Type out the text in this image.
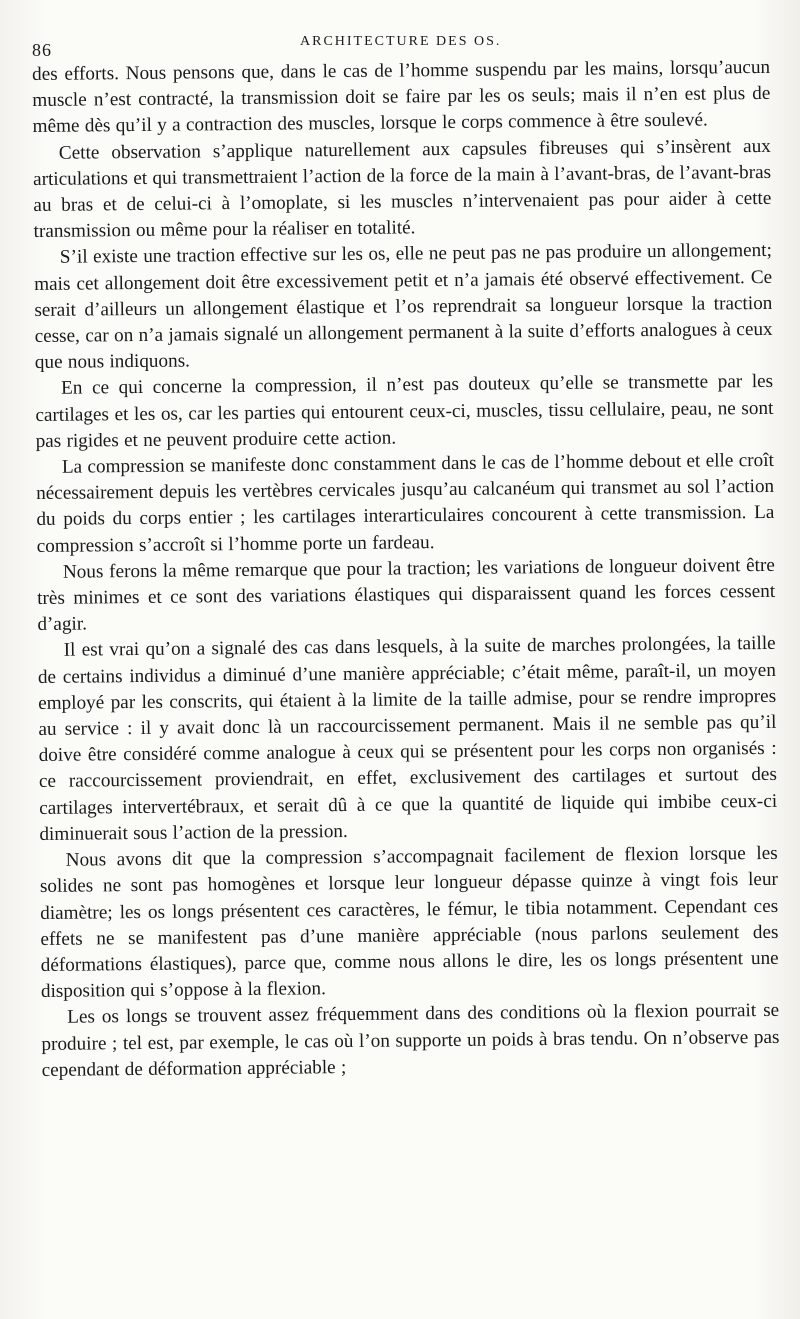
86	ARCHITECTURE DES OS.

des efforts. Nous pensons que, dans le cas de l’homme suspendu par les mains, lorsqu’aucun muscle n’est contracté, la transmission doit se faire par les os seuls; mais il n’en est plus de même dès qu’il y a contraction des muscles, lorsque le corps commence à être soulevé.

Cette observation s’applique naturellement aux capsules fibreuses qui s’insèrent aux articulations et qui transmettraient l’action de la force de la main à l’avant-bras, de l’avant-bras au bras et de celui-ci à l’omoplate, si les muscles n’intervenaient pas pour aider à cette transmission ou même pour la réaliser en totalité.

S’il existe une traction effective sur les os, elle ne peut pas ne pas produire un allongement; mais cet allongement doit être excessivement petit et n’a jamais été observé effectivement. Ce serait d’ailleurs un allongement élastique et l’os reprendrait sa longueur lorsque la traction cesse, car on n’a jamais signalé un allongement permanent à la suite d’efforts analogues à ceux que nous indiquons.

En ce qui concerne la compression, il n’est pas douteux qu’elle se transmette par les cartilages et les os, car les parties qui entourent ceux-ci, muscles, tissu cellulaire, peau, ne sont pas rigides et ne peuvent produire cette action.

La compression se manifeste donc constamment dans le cas de l’homme debout et elle croît nécessairement depuis les vertèbres cervicales jusqu’au calcanéum qui transmet au sol l’action du poids du corps entier ; les cartilages interarticulaires concourent à cette transmission. La compression s’accroît si l’homme porte un fardeau.

Nous ferons la même remarque que pour la traction; les variations de longueur doivent être très minimes et ce sont des variations élastiques qui disparaissent quand les forces cessent d’agir.

Il est vrai qu’on a signalé des cas dans lesquels, à la suite de marches prolongées, la taille de certains individus a diminué d’une manière appréciable; c’était même, paraît-il, un moyen employé par les conscrits, qui étaient à la limite de la taille admise, pour se rendre impropres au service : il y avait donc là un raccourcissement permanent. Mais il ne semble pas qu’il doive être considéré comme analogue à ceux qui se présentent pour les corps non organisés : ce raccourcissement proviendrait, en effet, exclusivement des cartilages et surtout des cartilages intervertébraux, et serait dû à ce que la quantité de liquide qui imbibe ceux-ci diminuerait sous l’action de la pression.

Nous avons dit que la compression s’accompagnait facilement de flexion lorsque les solides ne sont pas homogènes et lorsque leur longueur dépasse quinze à vingt fois leur diamètre; les os longs présentent ces caractères, le fémur, le tibia notamment. Cependant ces effets ne se manifestent pas d’une manière appréciable (nous parlons seulement des déformations élastiques), parce que, comme nous allons le dire, les os longs présentent une disposition qui s’oppose à la flexion.

Les os longs se trouvent assez fréquemment dans des conditions où la flexion pourrait se produire ; tel est, par exemple, le cas où l’on supporte un poids à bras tendu. On n’observe pas cependant de déformation appréciable ;
